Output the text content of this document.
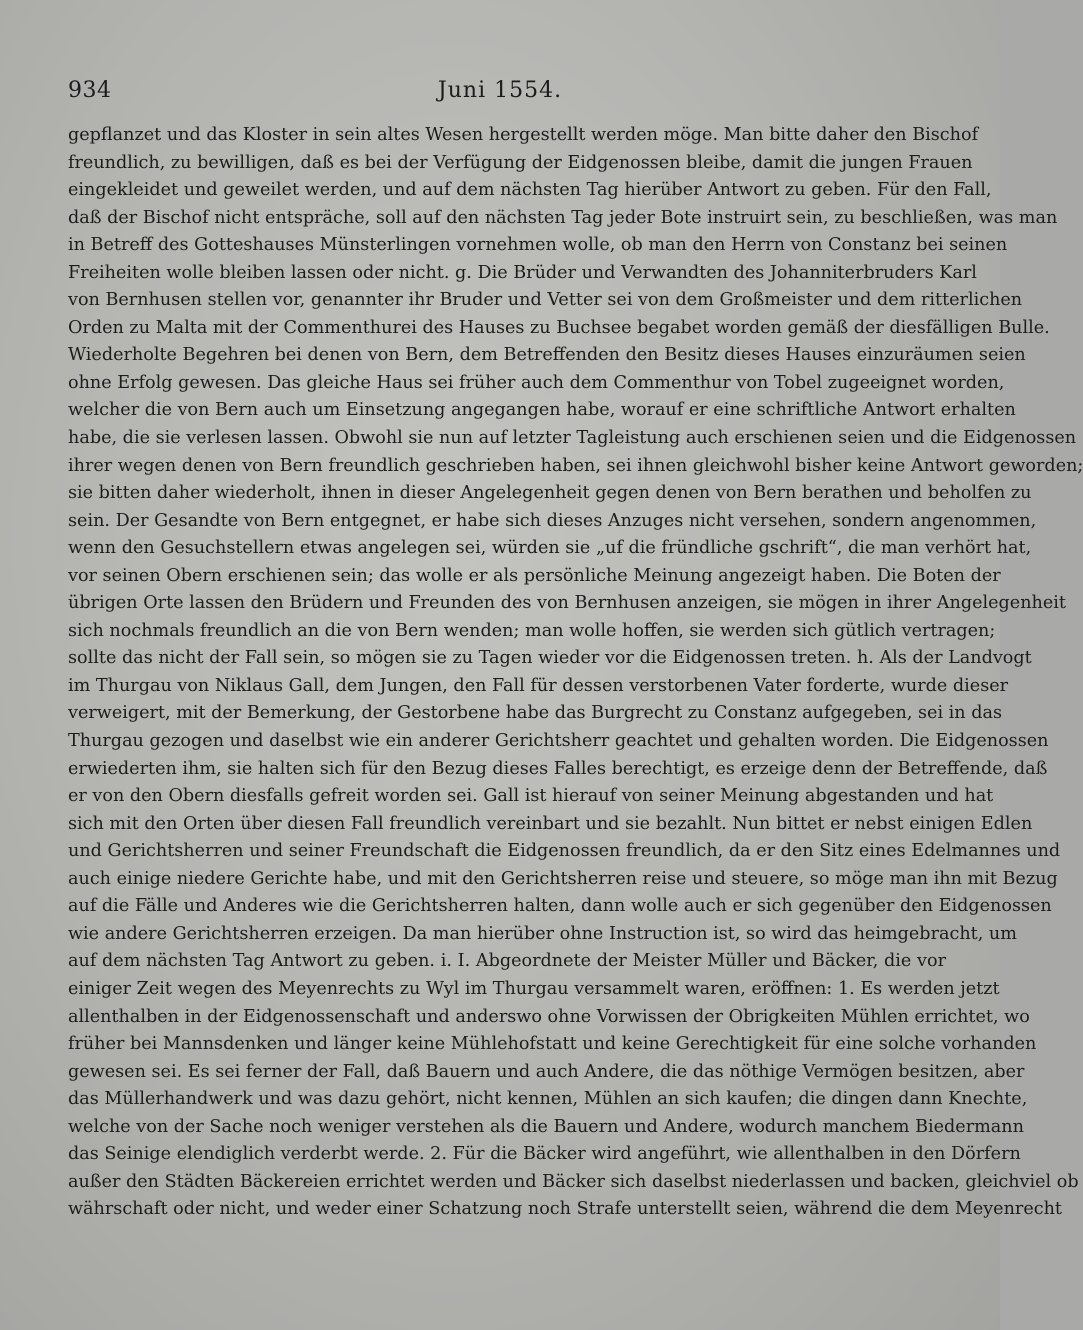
934	Juni 1554.
gepflanzet und das Kloster in sein altes Wesen hergestellt werden möge. Man bitte daher den Bischof
freundlich, zu bewilligen, daß es bei der Verfügung der Eidgenossen bleibe, damit die jungen Frauen
eingekleidet und geweilet werden, und auf dem nächsten Tag hierüber Antwort zu geben. Für den Fall,
daß der Bischof nicht entspräche, soll auf den nächsten Tag jeder Bote instruirt sein, zu beschließen, was man
in Betreff des Gotteshauses Münsterlingen vornehmen wolle, ob man den Herrn von Constanz bei seinen
Freiheiten wolle bleiben lassen oder nicht. g. Die Brüder und Verwandten des Johanniterbruders Karl
von Bernhusen stellen vor, genannter ihr Bruder und Vetter sei von dem Großmeister und dem ritterlichen
Orden zu Malta mit der Commenthurei des Hauses zu Buchsee begabet worden gemäß der diesfälligen Bulle.
Wiederholte Begehren bei denen von Bern, dem Betreffenden den Besitz dieses Hauses einzuräumen seien
ohne Erfolg gewesen. Das gleiche Haus sei früher auch dem Commenthur von Tobel zugeeignet worden,
welcher die von Bern auch um Einsetzung angegangen habe, worauf er eine schriftliche Antwort erhalten
habe, die sie verlesen lassen. Obwohl sie nun auf letzter Tagleistung auch erschienen seien und die Eidgenossen
ihrer wegen denen von Bern freundlich geschrieben haben, sei ihnen gleichwohl bisher keine Antwort geworden;
sie bitten daher wiederholt, ihnen in dieser Angelegenheit gegen denen von Bern berathen und beholfen zu
sein. Der Gesandte von Bern entgegnet, er habe sich dieses Anzuges nicht versehen, sondern angenommen,
wenn den Gesuchstellern etwas angelegen sei, würden sie „uf die fründliche gschrift“, die man verhört hat,
vor seinen Obern erschienen sein; das wolle er als persönliche Meinung angezeigt haben. Die Boten der
übrigen Orte lassen den Brüdern und Freunden des von Bernhusen anzeigen, sie mögen in ihrer Angelegenheit
sich nochmals freundlich an die von Bern wenden; man wolle hoffen, sie werden sich gütlich vertragen;
sollte das nicht der Fall sein, so mögen sie zu Tagen wieder vor die Eidgenossen treten. h. Als der Landvogt
im Thurgau von Niklaus Gall, dem Jungen, den Fall für dessen verstorbenen Vater forderte, wurde dieser
verweigert, mit der Bemerkung, der Gestorbene habe das Burgrecht zu Constanz aufgegeben, sei in das
Thurgau gezogen und daselbst wie ein anderer Gerichtsherr geachtet und gehalten worden. Die Eidgenossen
erwiederten ihm, sie halten sich für den Bezug dieses Falles berechtigt, es erzeige denn der Betreffende, daß
er von den Obern diesfalls gefreit worden sei. Gall ist hierauf von seiner Meinung abgestanden und hat
sich mit den Orten über diesen Fall freundlich vereinbart und sie bezahlt. Nun bittet er nebst einigen Edlen
und Gerichtsherren und seiner Freundschaft die Eidgenossen freundlich, da er den Sitz eines Edelmannes und
auch einige niedere Gerichte habe, und mit den Gerichtsherren reise und steuere, so möge man ihn mit Bezug
auf die Fälle und Anderes wie die Gerichtsherren halten, dann wolle auch er sich gegenüber den Eidgenossen
wie andere Gerichtsherren erzeigen. Da man hierüber ohne Instruction ist, so wird das heimgebracht, um
auf dem nächsten Tag Antwort zu geben. i. I. Abgeordnete der Meister Müller und Bäcker, die vor
einiger Zeit wegen des Meyenrechts zu Wyl im Thurgau versammelt waren, eröffnen: 1. Es werden jetzt
allenthalben in der Eidgenossenschaft und anderswo ohne Vorwissen der Obrigkeiten Mühlen errichtet, wo
früher bei Mannsdenken und länger keine Mühlehofstatt und keine Gerechtigkeit für eine solche vorhanden
gewesen sei. Es sei ferner der Fall, daß Bauern und auch Andere, die das nöthige Vermögen besitzen, aber
das Müllerhandwerk und was dazu gehört, nicht kennen, Mühlen an sich kaufen; die dingen dann Knechte,
welche von der Sache noch weniger verstehen als die Bauern und Andere, wodurch manchem Biedermann
das Seinige elendiglich verderbt werde. 2. Für die Bäcker wird angeführt, wie allenthalben in den Dörfern
außer den Städten Bäckereien errichtet werden und Bäcker sich daselbst niederlassen und backen, gleichviel ob
währschaft oder nicht, und weder einer Schatzung noch Strafe unterstellt seien, während die dem Meyenrecht
